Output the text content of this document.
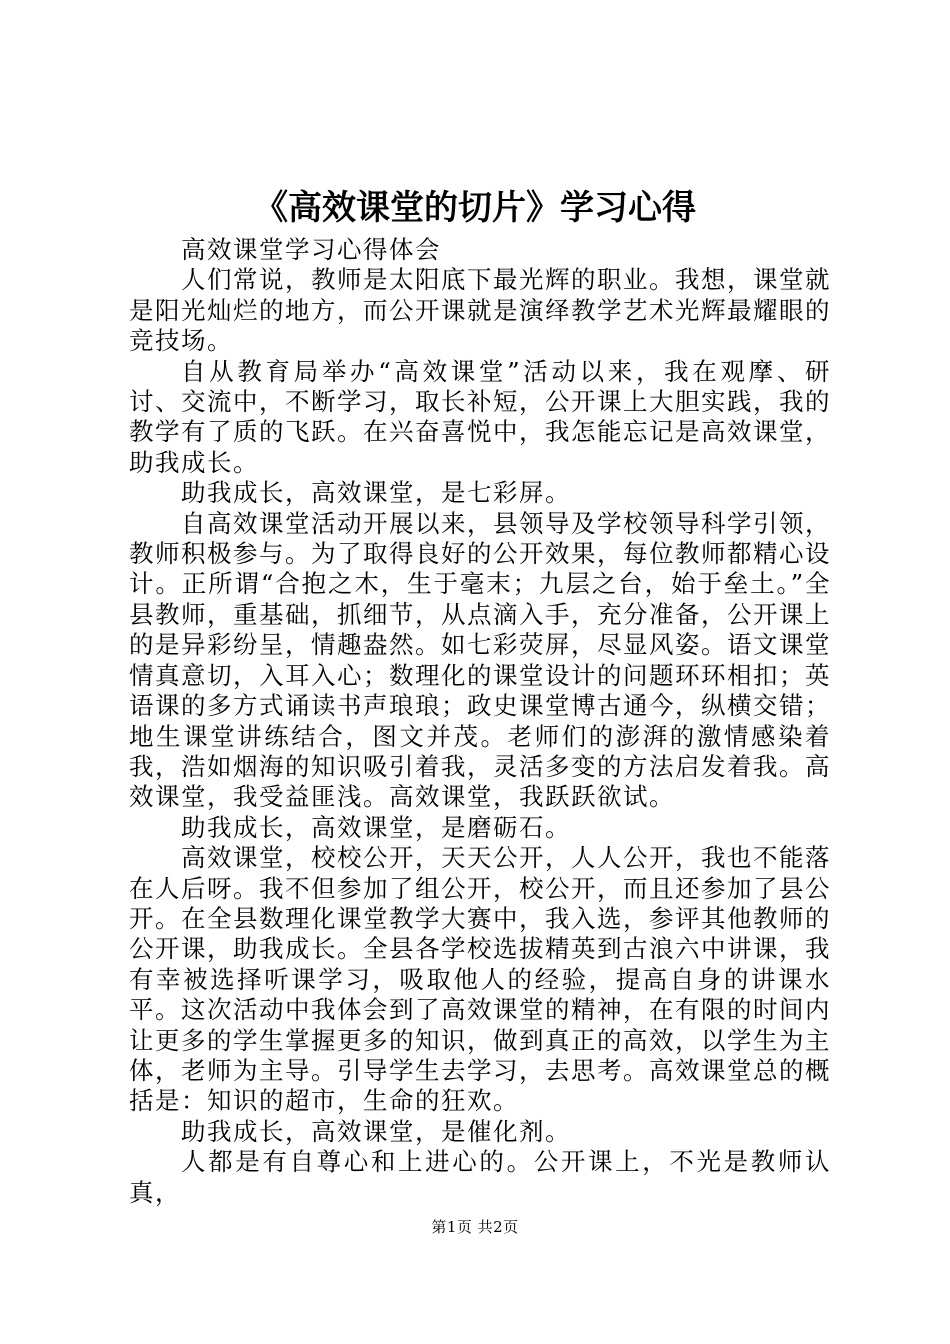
《高效课堂的切片》学习心得

高效课堂学习心得体会

人们常说，教师是太阳底下最光辉的职业。我想，课堂就是阳光灿烂的地方，而公开课就是演绎教学艺术光辉最耀眼的竞技场。

自从教育局举办“高效课堂”活动以来，我在观摩、研讨、交流中，不断学习，取长补短，公开课上大胆实践，我的教学有了质的飞跃。在兴奋喜悦中，我怎能忘记是高效课堂，助我成长。

助我成长，高效课堂，是七彩屏。

自高效课堂活动开展以来，县领导及学校领导科学引领，教师积极参与。为了取得良好的公开效果，每位教师都精心设计。正所谓“合抱之木，生于毫末；九层之台，始于垒土。”全县教师，重基础，抓细节，从点滴入手，充分准备，公开课上的是异彩纷呈，情趣盎然。如七彩荧屏，尽显风姿。语文课堂情真意切，入耳入心；数理化的课堂设计的问题环环相扣；英语课的多方式诵读书声琅琅；政史课堂博古通今，纵横交错；地生课堂讲练结合，图文并茂。老师们的澎湃的激情感染着我，浩如烟海的知识吸引着我，灵活多变的方法启发着我。高效课堂，我受益匪浅。高效课堂，我跃跃欲试。

助我成长，高效课堂，是磨砺石。

高效课堂，校校公开，天天公开，人人公开，我也不能落在人后呀。我不但参加了组公开，校公开，而且还参加了县公开。在全县数理化课堂教学大赛中，我入选，参评其他教师的公开课，助我成长。全县各学校选拔精英到古浪六中讲课，我有幸被选择听课学习，吸取他人的经验，提高自身的讲课水平。这次活动中我体会到了高效课堂的精神，在有限的时间内让更多的学生掌握更多的知识，做到真正的高效，以学生为主体，老师为主导。引导学生去学习，去思考。高效课堂总的概括是：知识的超市，生命的狂欢。

助我成长，高效课堂，是催化剂。

人都是有自尊心和上进心的。公开课上，不光是教师认真，

第1页 共2页
